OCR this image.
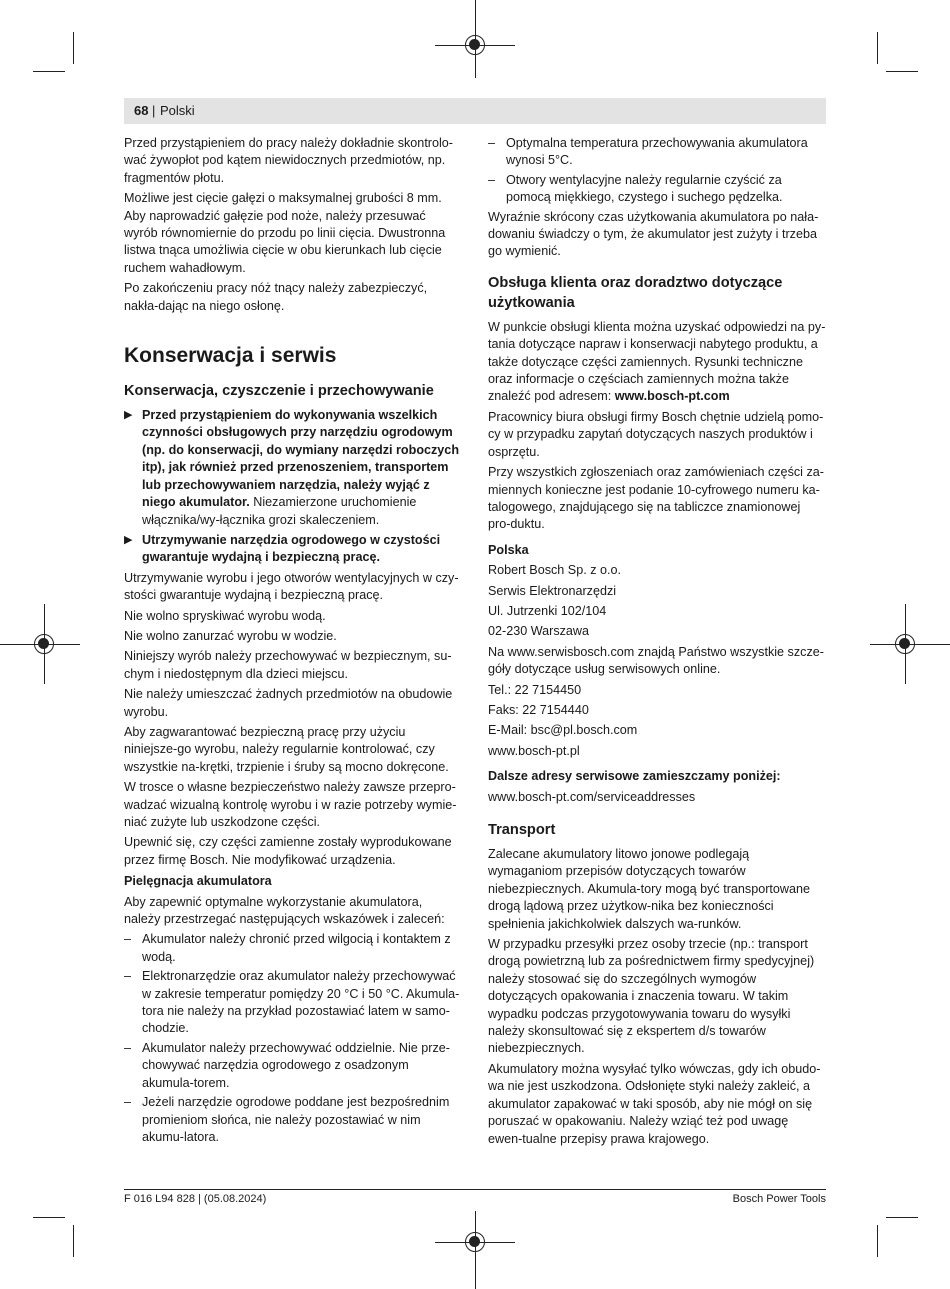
68 | Polski

Przed przystąpieniem do pracy należy dokładnie skontrolo-wać żywopłot pod kątem niewidocznych przedmiotów, np. fragmentów płotu.

Możliwe jest cięcie gałęzi o maksymalnej grubości 8 mm. Aby naprowadzić gałęzie pod noże, należy przesuwać wyrób równomiernie do przodu po linii cięcia. Dwustronna listwa tnąca umożliwia cięcie w obu kierunkach lub cięcie ruchem wahadłowym.

Po zakończeniu pracy nóż tnący należy zabezpieczyć, nakła-dając na niego osłonę.

Konserwacja i serwis
Konserwacja, czyszczenie i przechowywanie
▶ Przed przystąpieniem do wykonywania wszelkich czynności obsługowych przy narzędziu ogrodowym (np. do konserwacji, do wymiany narzędzi roboczych itp), jak również przed przenoszeniem, transportem lub przechowywaniem narzędzia, należy wyjąć z niego akumulator. Niezamierzone uruchomienie włącznika/wy-łącznika grozi skaleczeniem.
▶ Utrzymywanie narzędzia ogrodowego w czystości gwarantuje wydajną i bezpieczną pracę.

Utrzymywanie wyrobu i jego otworów wentylacyjnych w czy-stości gwarantuje wydajną i bezpieczną pracę.

Nie wolno spryskiwać wyrobu wodą.

Nie wolno zanurzać wyrobu w wodzie.

Niniejszy wyrób należy przechowywać w bezpiecznym, su-chym i niedostępnym dla dzieci miejscu.

Nie należy umieszczać żadnych przedmiotów na obudowie wyrobu.

Aby zagwarantować bezpieczną pracę przy użyciu niniejsze-go wyrobu, należy regularnie kontrolować, czy wszystkie na-krętki, trzpienie i śruby są mocno dokręcone.

W trosce o własne bezpieczeństwo należy zawsze przepro-wadzać wizualną kontrolę wyrobu i w razie potrzeby wymie-niać zużyte lub uszkodzone części.

Upewnić się, czy części zamienne zostały wyprodukowane przez firmę Bosch. Nie modyfikować urządzenia.

Pielęgnacja akumulatora

Aby zapewnić optymalne wykorzystanie akumulatora, należy przestrzegać następujących wskazówek i zaleceń:

– Akumulator należy chronić przed wilgocią i kontaktem z wodą.
– Elektronarzędzie oraz akumulator należy przechowywać w zakresie temperatur pomiędzy 20 °C i 50 °C. Akumula-tora nie należy na przykład pozostawiać latem w samo-chodzie.
– Akumulator należy przechowywać oddzielnie. Nie prze-chowywać narzędzia ogrodowego z osadzonym akumula-torem.
– Jeżeli narzędzie ogrodowe poddane jest bezpośrednim promieniom słońca, nie należy pozostawiać w nim akumu-latora.
– Optymalna temperatura przechowywania akumulatora wynosi 5°C.
– Otwory wentylacyjne należy regularnie czyścić za pomocą miękkiego, czystego i suchego pędzelka.

Wyraźnie skrócony czas użytkowania akumulatora po nała-dowaniu świadczy o tym, że akumulator jest zużyty i trzeba go wymienić.

Obsługa klienta oraz doradztwo dotyczące użytkowania

W punkcie obsługi klienta można uzyskać odpowiedzi na py-tania dotyczące napraw i konserwacji nabytego produktu, a także dotyczące części zamiennych. Rysunki techniczne oraz informacje o częściach zamiennych można także znaleźć pod adresem: www.bosch-pt.com

Pracownicy biura obsługi firmy Bosch chętnie udzielą pomo-cy w przypadku zapytań dotyczących naszych produktów i osprzętu.

Przy wszystkich zgłoszeniach oraz zamówieniach części za-miennych konieczne jest podanie 10-cyfrowego numeru ka-talogowego, znajdującego się na tabliczce znamionowej pro-duktu.

Polska

Robert Bosch Sp. z o.o.

Serwis Elektronarzędzi

Ul. Jutrzenki 102/104

02-230 Warszawa

Na www.serwisbosch.com znajdą Państwo wszystkie szcze-góły dotyczące usług serwisowych online.

Tel.: 22 7154450

Faks: 22 7154440

E-Mail: bsc@pl.bosch.com

www.bosch-pt.pl

Dalsze adresy serwisowe zamieszczamy poniżej:

www.bosch-pt.com/serviceaddresses

Transport

Zalecane akumulatory litowo jonowe podlegają wymaganiom przepisów dotyczących towarów niebezpiecznych. Akumula-tory mogą być transportowane drogą lądową przez użytkow-nika bez konieczności spełnienia jakichkolwiek dalszych wa-runków.

W przypadku przesyłki przez osoby trzecie (np.: transport drogą powietrzną lub za pośrednictwem firmy spedycyjnej) należy stosować się do szczególnych wymogów dotyczących opakowania i znaczenia towaru. W takim wypadku podczas przygotowywania towaru do wysyłki należy skonsultować się z ekspertem d/s towarów niebezpiecznych.

Akumulatory można wysyłać tylko wówczas, gdy ich obudo-wa nie jest uszkodzona. Odsłonięte styki należy zakleić, a akumulator zapakować w taki sposób, aby nie mógł on się poruszać w opakowaniu. Należy wziąć też pod uwagę ewen-tualne przepisy prawa krajowego.

F 016 L94 828 | (05.08.2024)	Bosch Power Tools
